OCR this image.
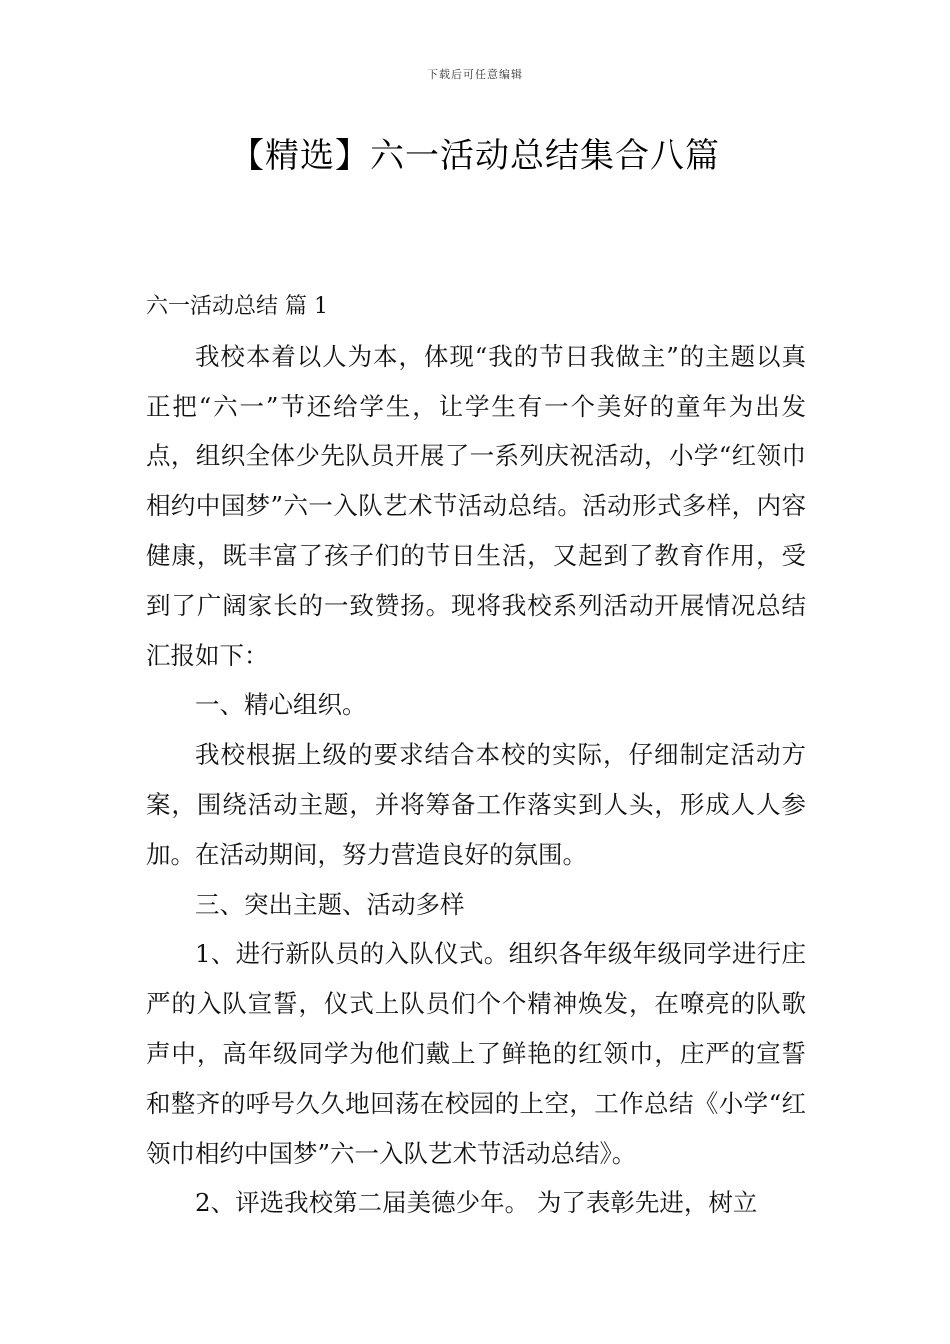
下载后可任意编辑
【精选】六一活动总结集合八篇

六一活动总结 篇 1

我校本着以人为本，体现“我的节日我做主”的主题以真正把“六一”节还给学生，让学生有一个美好的童年为出发点，组织全体少先队员开展了一系列庆祝活动，小学“红领巾相约中国梦”六一入队艺术节活动总结。活动形式多样，内容健康，既丰富了孩子们的节日生活，又起到了教育作用，受到了广阔家长的一致赞扬。现将我校系列活动开展情况总结汇报如下：

一、精心组织。

我校根据上级的要求结合本校的实际，仔细制定活动方案，围绕活动主题，并将筹备工作落实到人头，形成人人参加。在活动期间，努力营造良好的氛围。

三、突出主题、活动多样

1、进行新队员的入队仪式。组织各年级年级同学进行庄严的入队宣誓，仪式上队员们个个精神焕发，在嘹亮的队歌声中，高年级同学为他们戴上了鲜艳的红领巾，庄严的宣誓和整齐的呼号久久地回荡在校园的上空，工作总结《小学“红领巾相约中国梦”六一入队艺术节活动总结》。

2、评选我校第二届美德少年。 为了表彰先进，树立
